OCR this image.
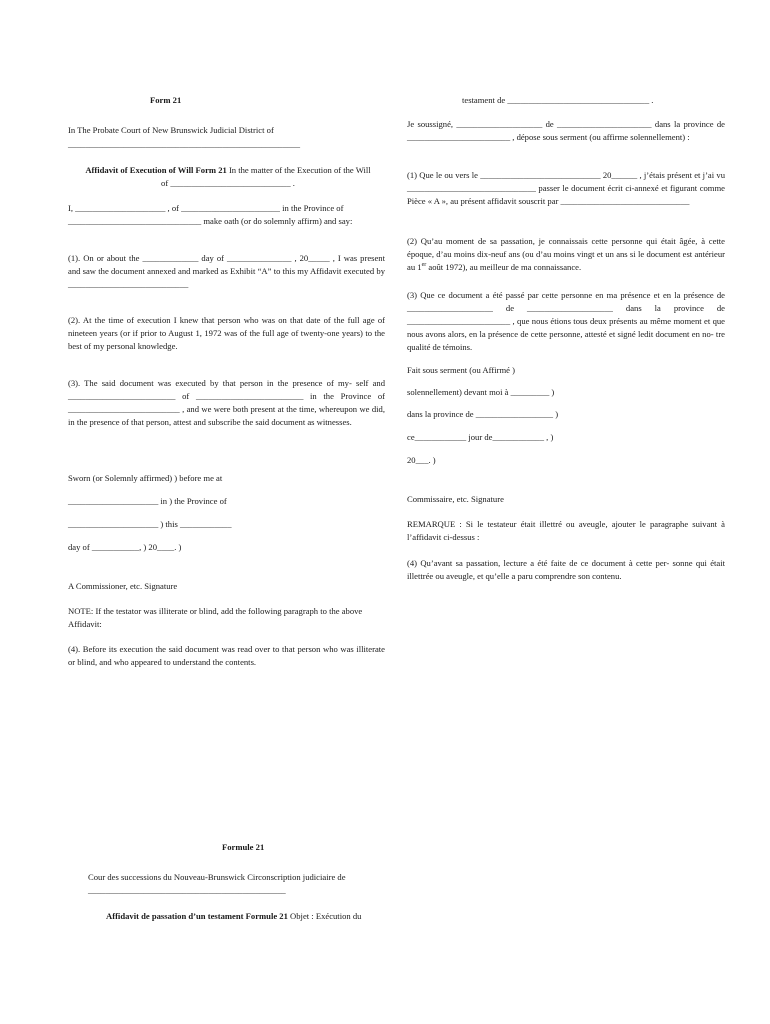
Form 21
In The Probate Court of New Brunswick Judicial District of
______________________________________________________
Affidavit of Execution of Will Form 21 In the matter of the Execution of the Will
of ____________________________ .
I, _____________________ , of _______________________ in the Province of
_______________________________ make oath (or do solemnly affirm) and say:
(1). On or about the _____________ day of _______________ , 20_____ , I was present and saw the document annexed and marked as Exhibit “A” to this my Affidavit executed by ____________________________
(2). At the time of execution I knew that person who was on that date of the full age of nineteen years (or if prior to August 1, 1972 was of the full age of twenty-one years) to the best of my personal knowledge.
(3). The said document was executed by that person in the presence of my- self and _________________________ of _________________________ in the Province of __________________________ , and we were both present at the time, whereupon we did, in the presence of that person, attest and subscribe the said document as witnesses.
Sworn (or Solemnly affirmed) ) before me at
_____________________ in ) the Province of
_____________________ ) this ____________
day of ___________, ) 20____. )
A Commissioner, etc. Signature
NOTE: If the testator was illiterate or blind, add the following paragraph to the above Affidavit:
(4). Before its execution the said document was read over to that person who was illiterate or blind, and who appeared to understand the contents.
testament de _________________________________ .
Je soussigné, ____________________ de ______________________ dans la province de ________________________ , dépose sous serment (ou affirme solennellement) :
(1) Que le ou vers le ____________________________ 20______ , j’étais présent et j’ai vu ______________________________ passer le document écrit ci-annexé et figurant comme Pièce « A », au présent affidavit souscrit par ______________________________
(2) Qu’au moment de sa passation, je connaissais cette personne qui était âgée, à cette époque, d’au moins dix-neuf ans (ou d’au moins vingt et un ans si le document est antérieur au 1er août 1972), au meilleur de ma connaissance.
(3) Que ce document a été passé par cette personne en ma présence et en la présence de ____________________ de ____________________ dans la province de ________________________ , que nous étions tous deux présents au même moment et que nous avons alors, en la présence de cette personne, attesté et signé ledit document en no- tre qualité de témoins.
Fait sous serment (ou Affirmé )
solennellement) devant moi à _________ )
dans la province de __________________ )
ce____________ jour de____________ , )
20___. )
Commissaire, etc. Signature
REMARQUE : Si le testateur était illettré ou aveugle, ajouter le paragraphe suivant à l’affidavit ci-dessus :
(4) Qu’avant sa passation, lecture a été faite de ce document à cette per- sonne qui était illettrée ou aveugle, et qu’elle a paru comprendre son contenu.
Formule 21
Cour des successions du Nouveau-Brunswick Circonscription judiciaire de
______________________________________________
Affidavit de passation d’un testament Formule 21 Objet : Exécution du
